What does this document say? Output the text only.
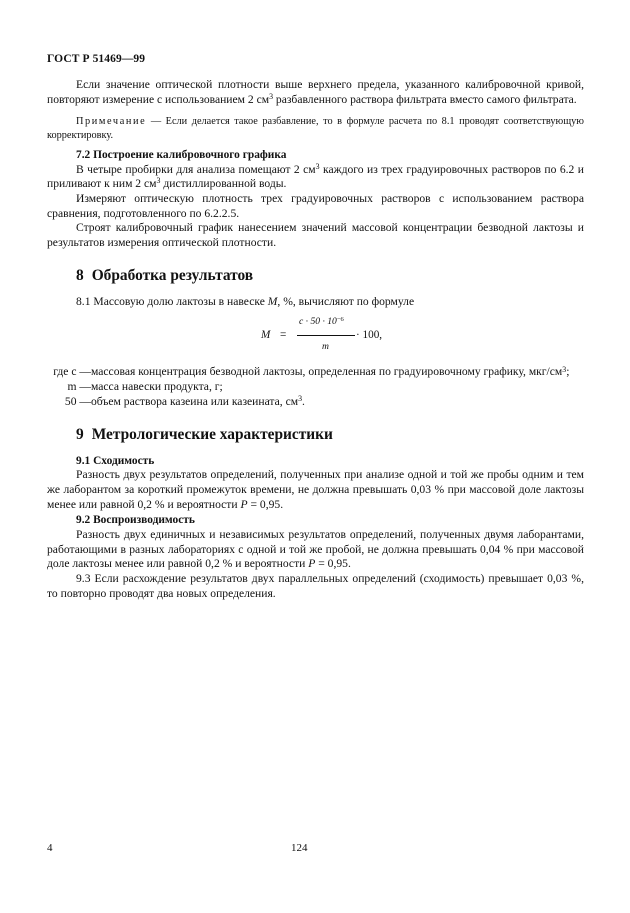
ГОСТ Р 51469—99

Если значение оптической плотности выше верхнего предела, указанного калибровочной кривой, повторяют измерение с использованием 2 $см^3$ разбавленного раствора фильтрата вместо самого фильтрата.

Примечание — Если делается такое разбавление, то в формуле расчета по 8.1 проводят соответствующую корректировку.

7.2 Построение калибровочного графика

В четыре пробирки для анализа помещают 2 $см^3$ каждого из трех градуировочных растворов по 6.2 и приливают к ним 2 $см^3$ дистиллированной воды.

Измеряют оптическую плотность трех градуировочных растворов с использованием раствора сравнения, подготовленного по 6.2.2.5.

Строят калибровочный график нанесением значений массовой концентрации безводной лактозы и результатов измерения оптической плотности.

8 Обработка результатов

8.1 Массовую долю лактозы в навеске M, %, вычисляют по формуле

M =
$c \cdot 50 \cdot 10^{-6}$
m
· 100,
где c —	массовая концентрация безводной лактозы, определенная по градуировочному графику, мкг/$см^3$;
m —	масса навески продукта, г;
50 —	объем раствора казеина или казеината, $см^3$.
9 Метрологические характеристики

9.1 Сходимость

Разность двух результатов определений, полученных при анализе одной и той же пробы одним и тем же лаборантом за короткий промежуток времени, не должна превышать 0,03 % при массовой доле лактозы менее или равной 0,2 % и вероятности P = 0,95.

9.2 Воспроизводимость

Разность двух единичных и независимых результатов определений, полученных двумя лаборантами, работающими в разных лабораториях с одной и той же пробой, не должна превышать 0,04 % при массовой доле лактозы менее или равной 0,2 % и вероятности P = 0,95.

9.3 Если расхождение результатов двух параллельных определений (сходимость) превышает 0,03 %, то повторно проводят два новых определения.

4	124
